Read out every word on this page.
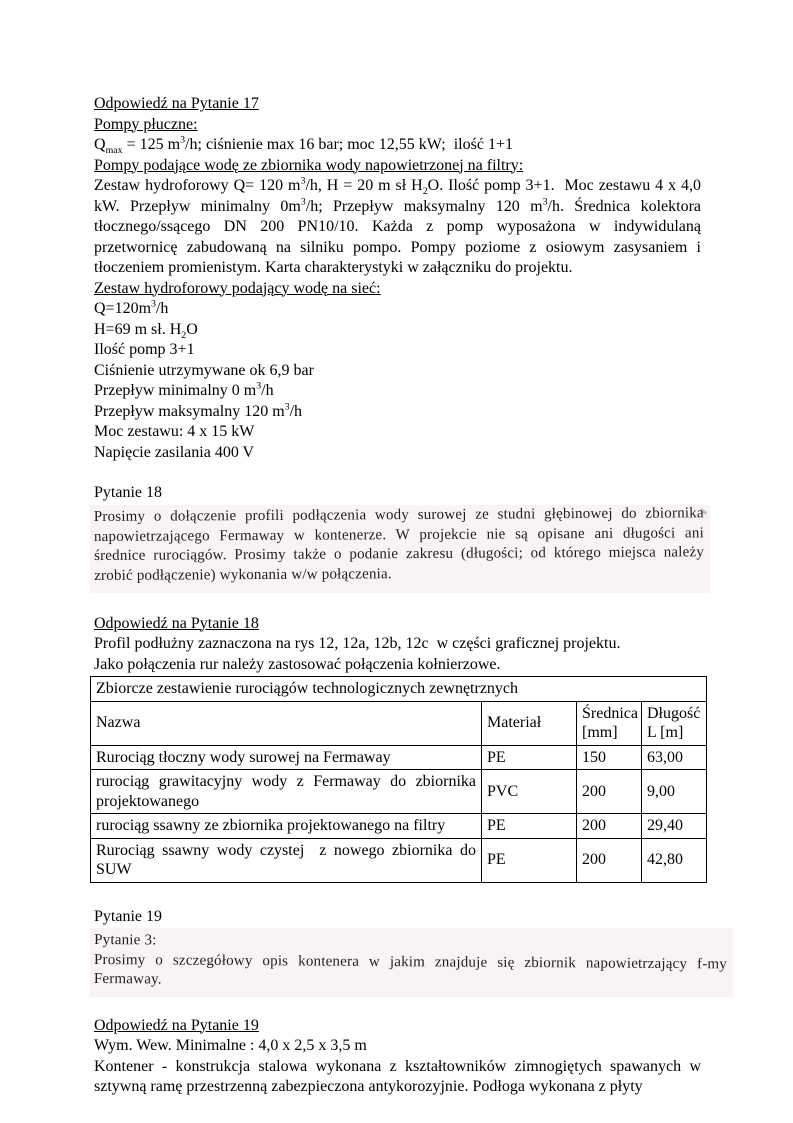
Odpowiedź na Pytanie 17
Pompy płuczne:
$Q_{max} = 125$ $m^3/h$; ciśnienie max 16 bar; moc 12,55 kW;  ilość 1+1
Pompy podające wodę ze zbiornika wody napowietrzonej na filtry:
Zestaw hydroforowy Q= 120 $m^3/h$, H = 20 m sł $H_2O$. Ilość pomp 3+1.  Moc zestawu 4 x 4,0 kW. Przepływ minimalny $0m^3/h$; Przepływ maksymalny 120 $m^3/h$. Średnica kolektora tłocznego/ssącego DN 200 PN10/10. Każda z pomp wyposażona w indywidulaną przetwornicę zabudowaną na silniku pompo. Pompy poziome z osiowym zasysaniem i tłoczeniem promienistym. Karta charakterystyki w załączniku do projektu.
Zestaw hydroforowy podający wodę na sieć:
$Q=120m^3/h$
H=69 m sł. $H_2O$
Ilość pomp 3+1
Ciśnienie utrzymywane ok 6,9 bar
Przepływ minimalny 0 $m^3/h$
Przepływ maksymalny 120 $m^3/h$
Moc zestawu: 4 x 15 kW
Napięcie zasilania 400 V
Pytanie 18
Prosimy o dołączenie profili podłączenia wody surowej ze studni głębinowej do zbiornika
napowietrzającego Fermaway w kontenerze. W projekcie nie są opisane ani długości ani
średnice rurociągów. Prosimy także o podanie zakresu (długości; od którego miejsca należy
zrobić podłączenie) wykonania w/w połączenia.
Odpowiedź na Pytanie 18
Profil podłużny zaznaczona na rys 12, 12a, 12b, 12c  w części graficznej projektu.
Jako połączenia rur należy zastosować połączenia kołnierzowe.
Zbiorcze zestawienie rurociągów technologicznych zewnętrznych			
Nazwa	Materiał	Średnica [mm]	Długość L [m]
Rurociąg tłoczny wody surowej na Fermaway	PE	150	63,00
rurociąg grawitacyjny wody z Fermaway do zbiornika projektowanego	PVC	200	9,00
rurociąg ssawny ze zbiornika projektowanego na filtry	PE	200	29,40
Rurociąg ssawny wody czystej  z nowego zbiornika do SUW	PE	200	42,80
Pytanie 19
Pytanie 3:
Prosimy o szczegółowy opis kontenera w jakim znajduje się zbiornik napowietrzający f-my
Fermaway.
Odpowiedź na Pytanie 19
Wym. Wew. Minimalne : 4,0 x 2,5 x 3,5 m
Kontener - konstrukcja stalowa wykonana z kształtowników zimnogiętych spawanych w sztywną ramę przestrzenną zabezpieczona antykorozyjnie. Podłoga wykonana z płyty
